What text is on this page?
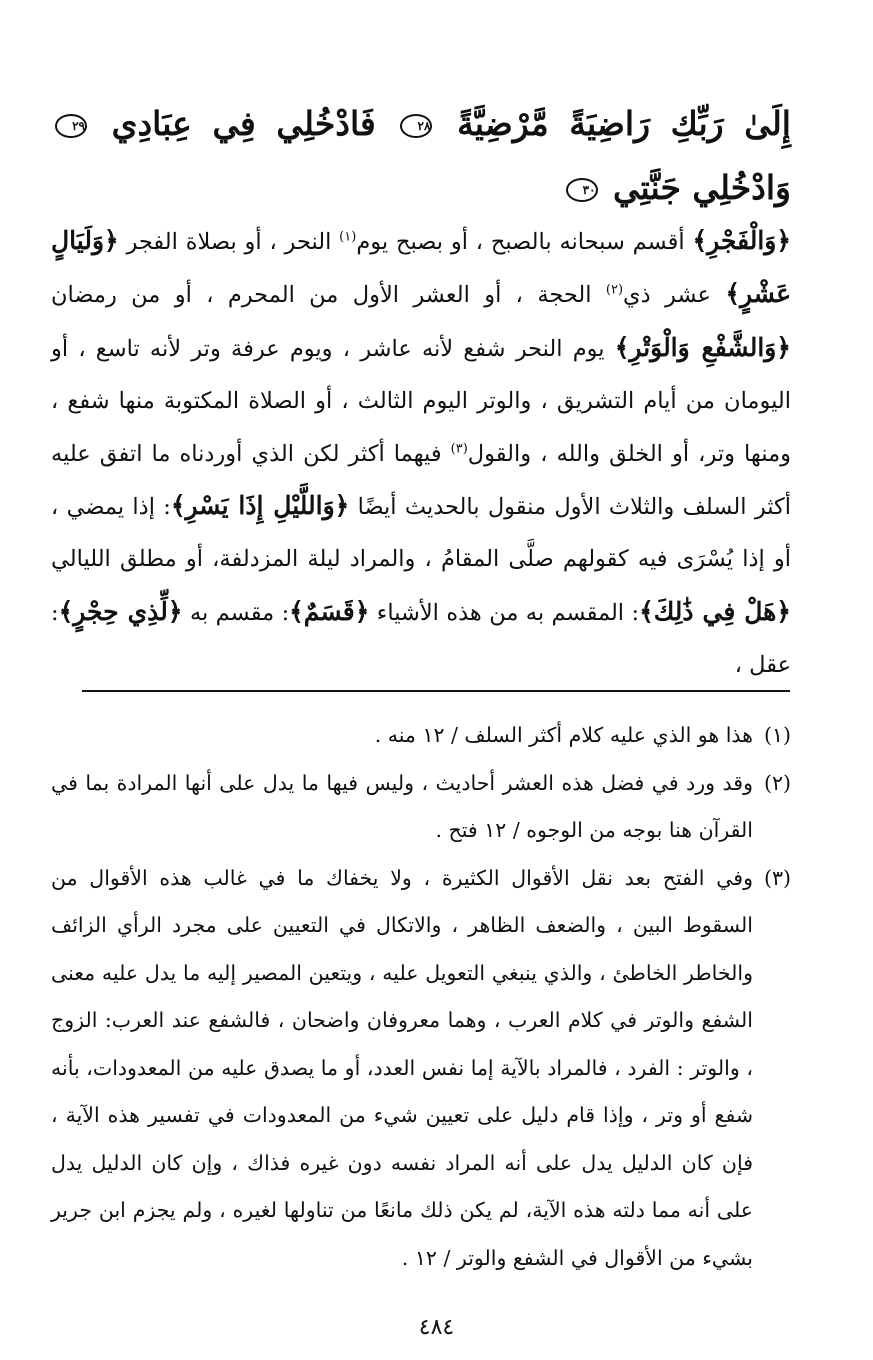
إِلَىٰ رَبِّكِ رَاضِيَةً مَّرْضِيَّةً ٢٨ فَادْخُلِي فِي عِبَادِي ٢٩ وَادْخُلِي جَنَّتِي ٣٠

﴿وَالْفَجْرِ﴾ أقسم سبحانه بالصبح ، أو بصبح يوم$^{(١)}$ النحر ، أو بصلاة الفجر ﴿وَلَيَالٍ عَشْرٍ﴾ عشر ذي$^{(٢)}$ الحجة ، أو العشر الأول من المحرم ، أو من رمضان ﴿وَالشَّفْعِ وَالْوَتْرِ﴾ يوم النحر شفع لأنه عاشر ، ويوم عرفة وتر لأنه تاسع ، أو اليومان من أيام التشريق ، والوتر اليوم الثالث ، أو الصلاة المكتوبة منها شفع ، ومنها وتر، أو الخلق والله ، والقول$^{(٣)}$ فيهما أكثر لكن الذي أوردناه ما اتفق عليه أكثر السلف والثلاث الأول منقول بالحديث أيضًا ﴿وَاللَّيْلِ إِذَا يَسْرِ﴾: إذا يمضي ، أو إذا يُسْرَى فيه كقولهم صلَّى المقامُ ، والمراد ليلة المزدلفة، أو مطلق الليالي ﴿هَلْ فِي ذَٰلِكَ﴾: المقسم به من هذه الأشياء ﴿قَسَمٌ﴾: مقسم به ﴿لِّذِي حِجْرٍ﴾: عقل ،

(١)
هذا هو الذي عليه كلام أكثر السلف / ١٢ منه .

(٢)
وقد ورد في فضل هذه العشر أحاديث ، وليس فيها ما يدل على أنها المرادة بما في القرآن هنا بوجه من الوجوه / ١٢ فتح .

(٣)
وفي الفتح بعد نقل الأقوال الكثيرة ، ولا يخفاك ما في غالب هذه الأقوال من السقوط البين ، والضعف الظاهر ، والاتكال في التعيين على مجرد الرأي الزائف والخاطر الخاطئ ، والذي ينبغي التعويل عليه ، ويتعين المصير إليه ما يدل عليه معنى الشفع والوتر في كلام العرب ، وهما معروفان واضحان ، فالشفع عند العرب: الزوج ، والوتر : الفرد ، فالمراد بالآية إما نفس العدد، أو ما يصدق عليه من المعدودات، بأنه شفع أو وتر ، وإذا قام دليل على تعيين شيء من المعدودات في تفسير هذه الآية ، فإن كان الدليل يدل على أنه المراد نفسه دون غيره فذاك ، وإن كان الدليل يدل على أنه مما دلته هذه الآية، لم يكن ذلك مانعًا من تناولها لغيره ، ولم يجزم ابن جرير بشيء من الأقوال في الشفع والوتر / ١٢ .

٤٨٤
